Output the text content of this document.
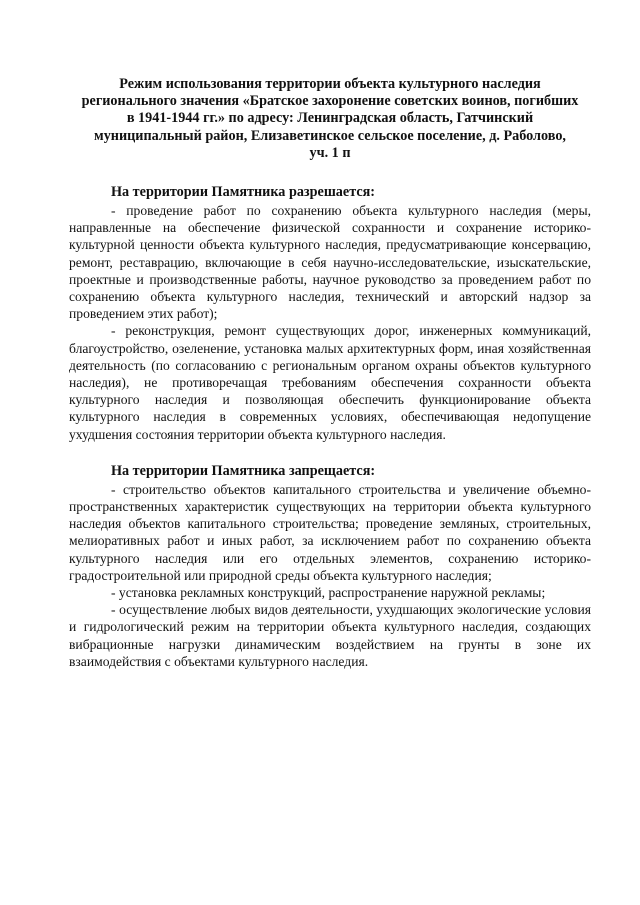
Режим использования территории объекта культурного наследия
регионального значения «Братское захоронение советских воинов, погибших
в 1941-1944 гг.» по адресу: Ленинградская область, Гатчинский
муниципальный район, Елизаветинское сельское поселение, д. Раболово,
уч. 1 п
На территории Памятника разрешается:

- проведение работ по сохранению объекта культурного наследия (меры, направленные на обеспечение физической сохранности и сохранение историко-культурной ценности объекта культурного наследия, предусматривающие консервацию, ремонт, реставрацию, включающие в себя научно-исследовательские, изыскательские, проектные и производственные работы, научное руководство за проведением работ по сохранению объекта культурного наследия, технический и авторский надзор за проведением этих работ);

- реконструкция, ремонт существующих дорог, инженерных коммуникаций, благоустройство, озеленение, установка малых архитектурных форм, иная хозяйственная деятельность (по согласованию с региональным органом охраны объектов культурного наследия), не противоречащая требованиям обеспечения сохранности объекта культурного наследия и позволяющая обеспечить функционирование объекта культурного наследия в современных условиях, обеспечивающая недопущение ухудшения состояния территории объекта культурного наследия.

На территории Памятника запрещается:

- строительство объектов капитального строительства и увеличение объемно-пространственных характеристик существующих на территории объекта культурного наследия объектов капитального строительства; проведение земляных, строительных, мелиоративных работ и иных работ, за исключением работ по сохранению объекта культурного наследия или его отдельных элементов, сохранению историко-градостроительной или природной среды объекта культурного наследия;

- установка рекламных конструкций, распространение наружной рекламы;

- осуществление любых видов деятельности, ухудшающих экологические условия и гидрологический режим на территории объекта культурного наследия, создающих вибрационные нагрузки динамическим воздействием на грунты в зоне их взаимодействия с объектами культурного наследия.
